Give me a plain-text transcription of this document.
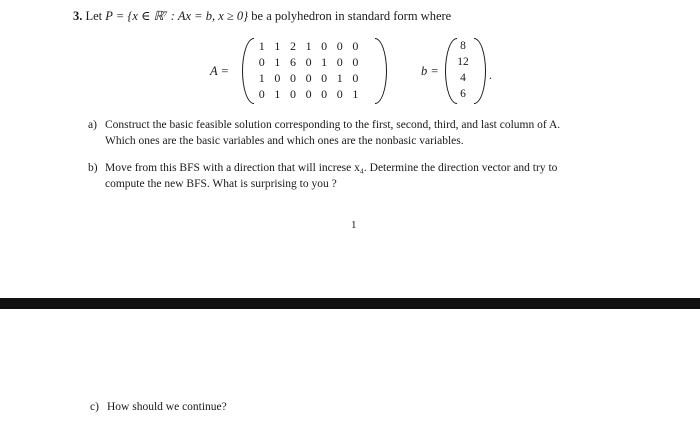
3. Let P = {x ∈ ℝ⁷ : Ax = b, x ≥ 0} be a polyhedron in standard form where
A =
1	1	2	1	0	0	0
0	1	6	0	1	0	0
1	0	0	0	0	1	0
0	1	0	0	0	0	1
b =
8
12
4
6
.
a) Construct the basic feasible solution corresponding to the first, second, third, and last column of A.
Which ones are the basic variables and which ones are the nonbasic variables.
b) Move from this BFS with a direction that will increse x₄. Determine the direction vector and try to
compute the new BFS. What is surprising to you ?
1
c) How should we continue?
